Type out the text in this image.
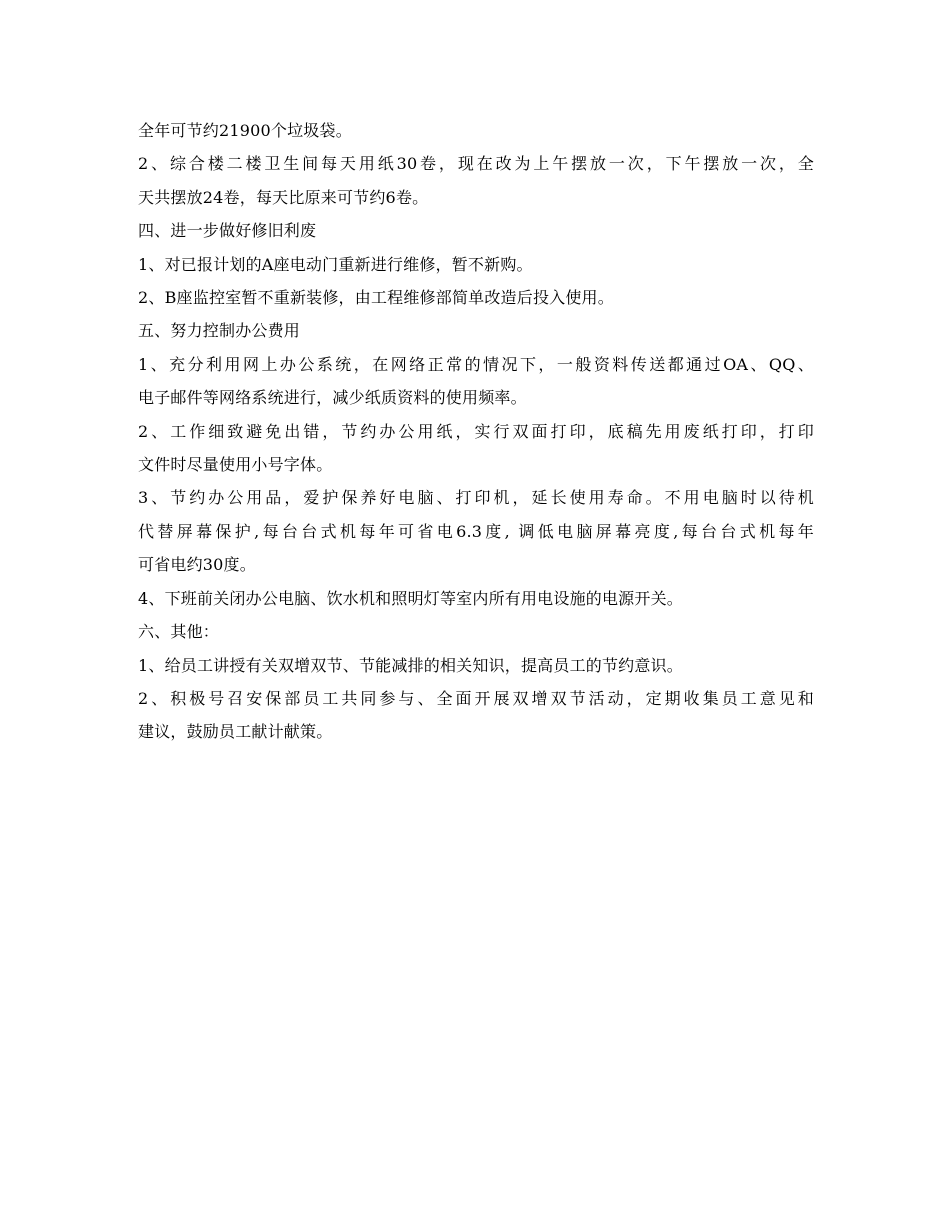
全年可节约21900个垃圾袋。

2、综合楼二楼卫生间每天用纸30卷，现在改为上午摆放一次，下午摆放一次，全

天共摆放24卷，每天比原来可节约6卷。

四、进一步做好修旧利废

1、对已报计划的A座电动门重新进行维修，暂不新购。

2、B座监控室暂不重新装修，由工程维修部简单改造后投入使用。

五、努力控制办公费用

1、充分利用网上办公系统，在网络正常的情况下，一般资料传送都通过OA、QQ、

电子邮件等网络系统进行，减少纸质资料的使用频率。

2、工作细致避免出错，节约办公用纸，实行双面打印，底稿先用废纸打印，打印

文件时尽量使用小号字体。

3、节约办公用品，爱护保养好电脑、打印机，延长使用寿命。不用电脑时以待机

代替屏幕保护,每台台式机每年可省电6.3度, 调低电脑屏幕亮度,每台台式机每年

可省电约30度。

4、下班前关闭办公电脑、饮水机和照明灯等室内所有用电设施的电源开关。

六、其他：

1、给员工讲授有关双增双节、节能减排的相关知识，提高员工的节约意识。

2、积极号召安保部员工共同参与、全面开展双增双节活动，定期收集员工意见和

建议，鼓励员工献计献策。
